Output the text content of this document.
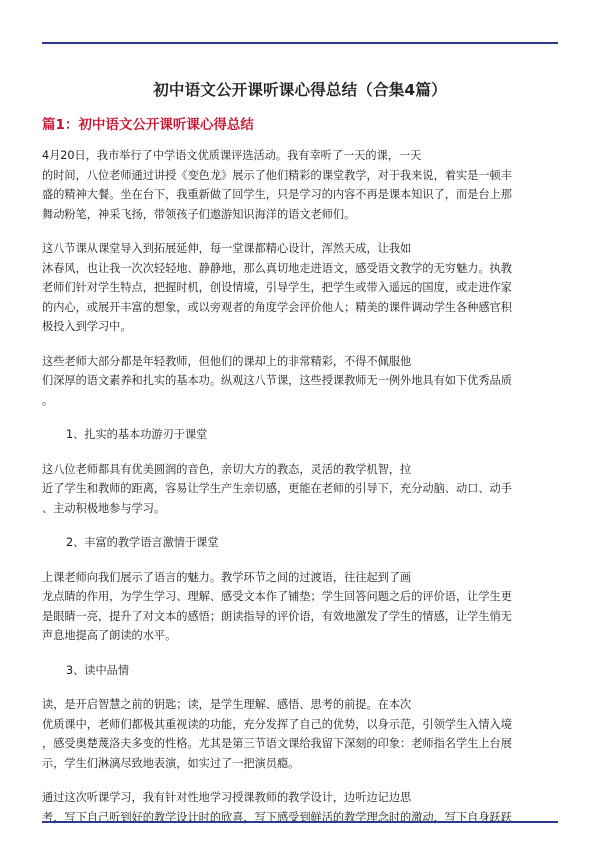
初中语文公开课听课心得总结（合集4篇）
篇1：初中语文公开课听课心得总结

4月20日，我市举行了中学语文优质课评选活动。我有幸听了一天的课，一天
的时间，八位老师通过讲授《变色龙》展示了他们精彩的课堂教学，对于我来说，着实是一顿丰
盛的精神大餐。坐在台下，我重新做了回学生，只是学习的内容不再是课本知识了，而是台上那
舞动粉笔，神采飞扬，带领孩子们遨游知识海洋的语文老师们。

这八节课从课堂导入到拓展延伸，每一堂课都精心设计，浑然天成，让我如
沐春风，也让我一次次轻轻地、静静地，那么真切地走进语文，感受语文教学的无穷魅力。执教
老师们针对学生特点，把握时机，创设情境，引导学生，把学生或带入遥远的国度，或走进作家
的内心，或展开丰富的想象，或以旁观者的角度学会评价他人；精美的课件调动学生各种感官积
极投入到学习中。

这些老师大部分都是年轻教师，但他们的课却上的非常精彩，不得不佩服他
们深厚的语文素养和扎实的基本功。纵观这八节课，这些授课教师无一例外地具有如下优秀品质
。

1、扎实的基本功游刃于课堂

这八位老师都具有优美圆润的音色，亲切大方的教态，灵活的教学机智，拉
近了学生和教师的距离，容易让学生产生亲切感，更能在老师的引导下，充分动脑、动口、动手
、主动积极地参与学习。

2、丰富的教学语言激情于课堂

上课老师向我们展示了语言的魅力。教学环节之间的过渡语，往往起到了画
龙点睛的作用，为学生学习、理解、感受文本作了铺垫；学生回答问题之后的评价语，让学生更
是眼睛一亮，提升了对文本的感悟；朗读指导的评价语，有效地激发了学生的情感，让学生悄无
声息地提高了朗读的水平。

3、读中品情

读，是开启智慧之前的钥匙；读，是学生理解、感悟、思考的前提。在本次
优质课中，老师们都极其重视读的功能，充分发挥了自己的优势，以身示范，引领学生入情入境
，感受奥楚蔑洛夫多变的性格。尤其是第三节语文课给我留下深刻的印象：老师指名学生上台展
示，学生们淋漓尽致地表演，如实过了一把演员瘾。

通过这次听课学习，我有针对性地学习授课教师的教学设计，边听边记边思
考，写下自己听到好的教学设计时的欣喜，写下感受到鲜活的教学理念时的激动，写下自身跃跃
